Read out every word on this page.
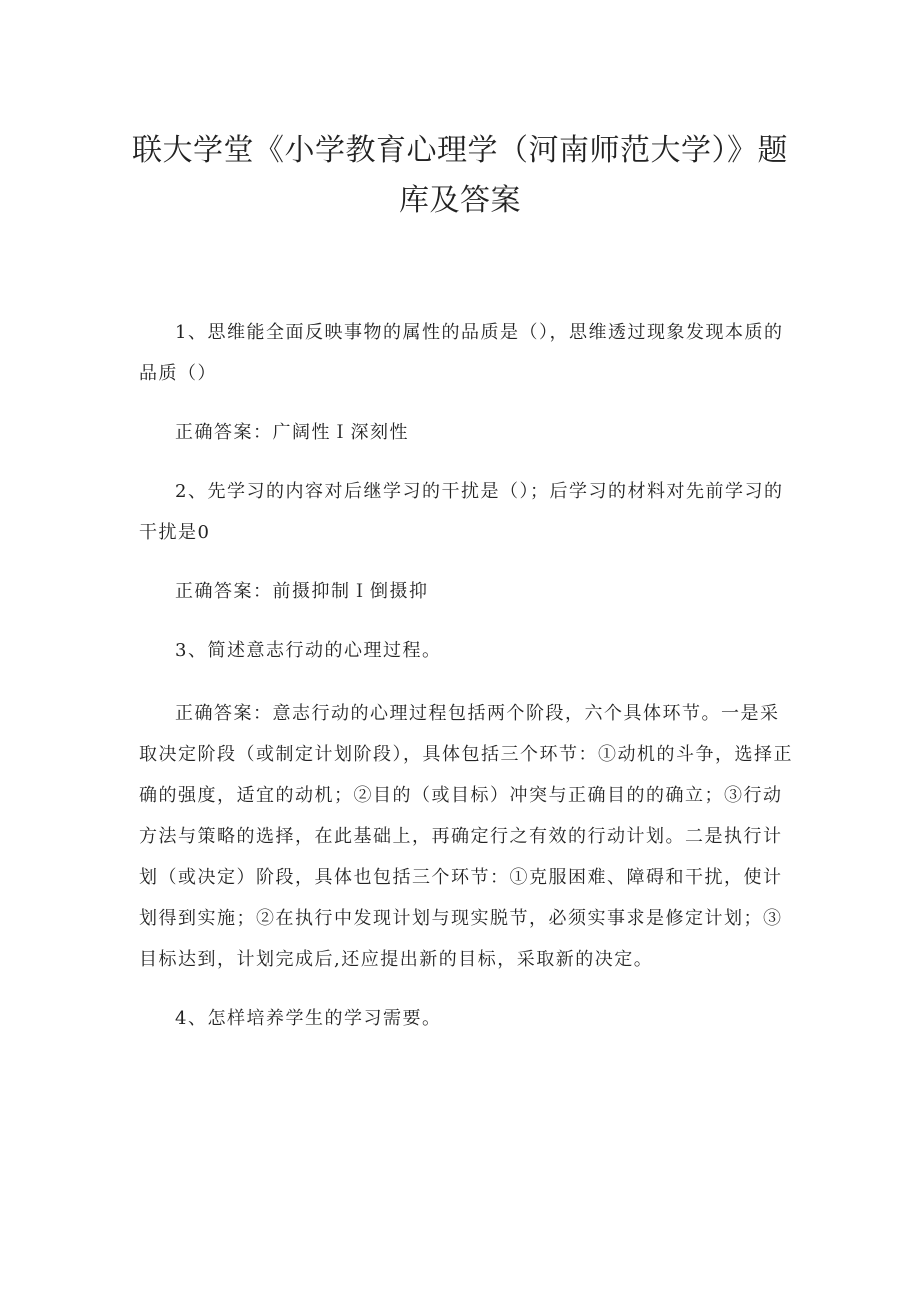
联大学堂《小学教育心理学（河南师范大学）》题库及答案

1、思维能全面反映事物的属性的品质是（），思维透过现象发现本质的品质（）

正确答案：广阔性Ｉ深刻性

2、先学习的内容对后继学习的干扰是（）；后学习的材料对先前学习的干扰是0

正确答案：前摄抑制Ｉ倒摄抑

3、简述意志行动的心理过程。

正确答案：意志行动的心理过程包括两个阶段，六个具体环节。一是采取决定阶段（或制定计划阶段），具体包括三个环节：①动机的斗争，选择正确的强度，适宜的动机；②目的（或目标）冲突与正确目的的确立；③行动方法与策略的选择，在此基础上，再确定行之有效的行动计划。二是执行计划（或决定）阶段，具体也包括三个环节：①克服困难、障碍和干扰，使计划得到实施；②在执行中发现计划与现实脱节，必须实事求是修定计划；③目标达到，计划完成后,还应提出新的目标，采取新的决定。

4、怎样培养学生的学习需要。
